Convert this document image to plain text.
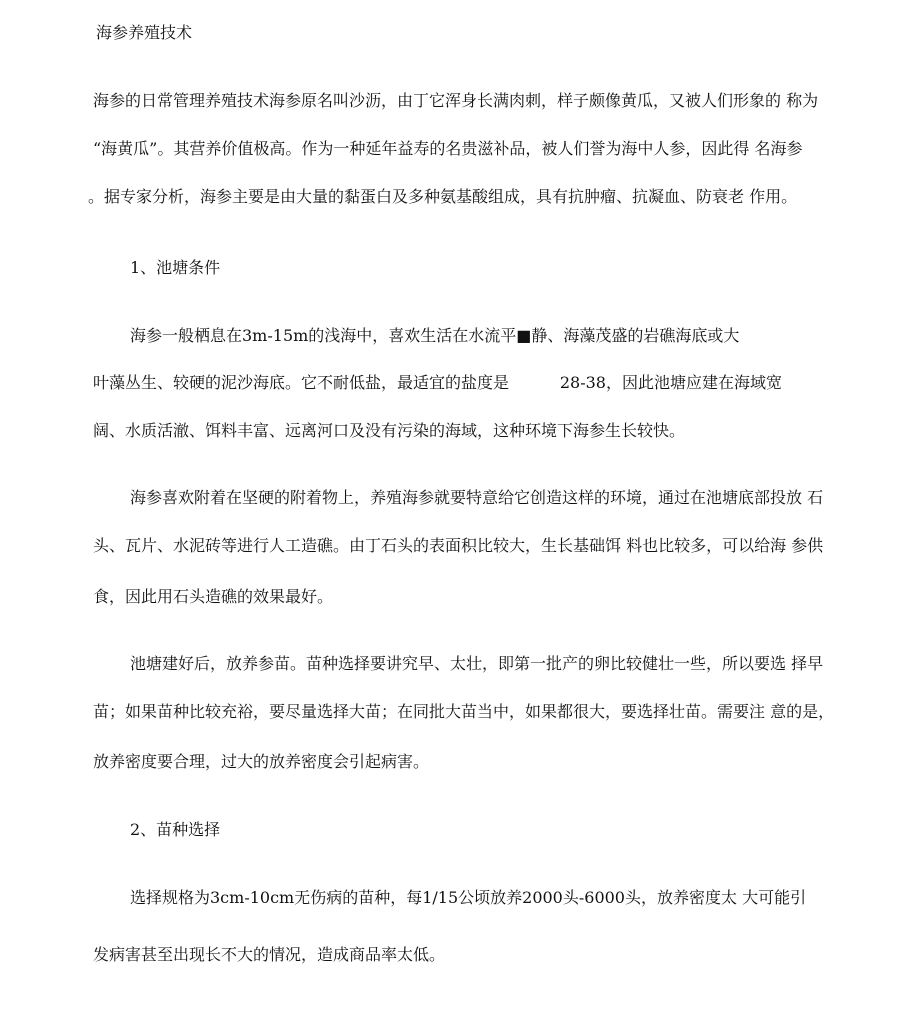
海参养殖技术
海参的日常管理养殖技术海参原名叫沙沥，由丁它浑身长满肉刺，样子颇像黄瓜，又被人们形象的 称为
“海黄瓜”。其营养价值极高。作为一种延年益寿的名贵滋补品，被人们誉为海中人参，因此得 名海参
。据专家分析，海参主要是由大量的黏蛋白及多种氨基酸组成，具有抗肿瘤、抗凝血、防衰老 作用。
1、池塘条件
海参一般栖息在3m-15m的浅海中，喜欢生活在水流平■静、海藻茂盛的岩礁海底或大
叶藻丛生、较硬的泥沙海底。它不耐低盐，最适宜的盐度是          28-38，因此池塘应建在海域宽
阔、水质活澈、饵料丰富、远离河口及没有污染的海域，这种环境下海参生长较快。
海参喜欢附着在坚硬的附着物上，养殖海参就要特意给它创造这样的环境，通过在池塘底部投放 石
头、瓦片、水泥砖等进行人工造礁。由丁石头的表面积比较大，生长基础饵 料也比较多，可以给海 参供
食，因此用石头造礁的效果最好。
池塘建好后，放养参苗。苗种选择要讲究早、太壮，即第一批产的卵比较健壮一些，所以要选 择早
苗；如果苗种比较充裕，要尽量选择大苗；在同批大苗当中，如果都很大，要选择壮苗。需要注 意的是，
放养密度要合理，过大的放养密度会引起病害。
2、苗种选择
选择规格为3cm-10cm无伤病的苗种，每1/15公顷放养2000头-6000头，放养密度太 大可能引
发病害甚至出现长不大的情况，造成商品率太低。
